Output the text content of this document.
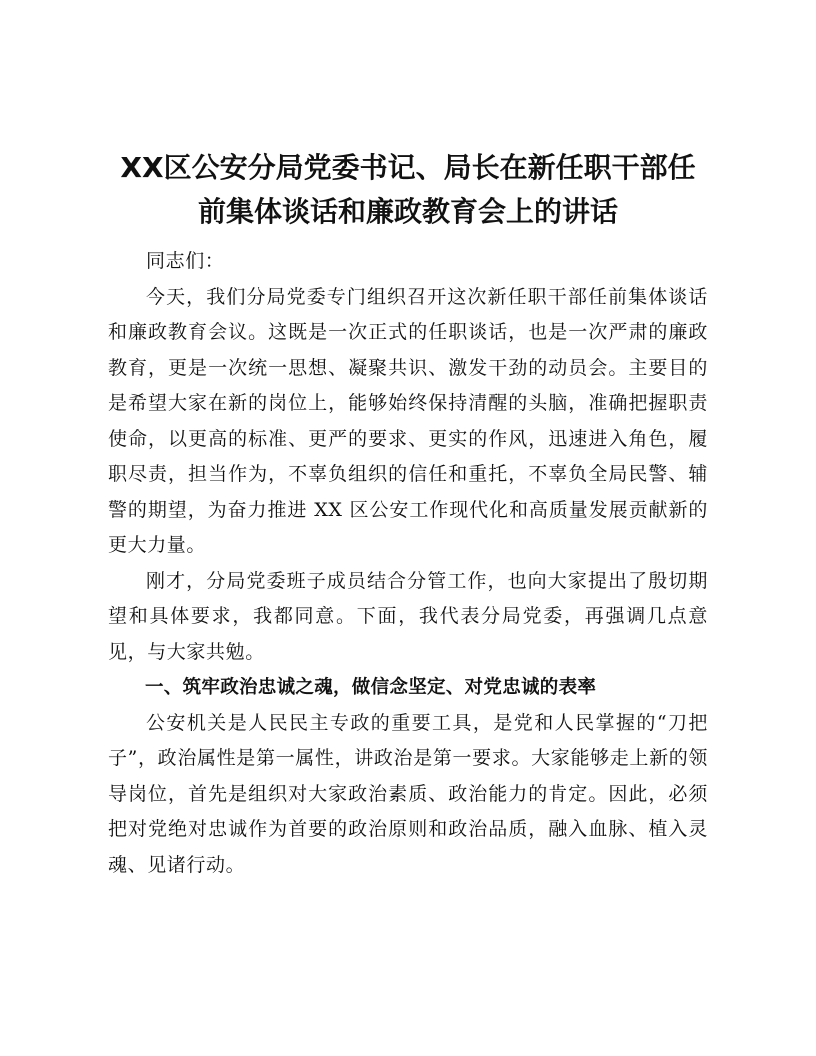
XX区公安分局党委书记、局长在新任职干部任
前集体谈话和廉政教育会上的讲话

同志们：

今天，我们分局党委专门组织召开这次新任职干部任前集体谈话和廉政教育会议。这既是一次正式的任职谈话，也是一次严肃的廉政教育，更是一次统一思想、凝聚共识、激发干劲的动员会。主要目的是希望大家在新的岗位上，能够始终保持清醒的头脑，准确把握职责使命，以更高的标准、更严的要求、更实的作风，迅速进入角色，履职尽责，担当作为，不辜负组织的信任和重托，不辜负全局民警、辅警的期望，为奋力推进 XX 区公安工作现代化和高质量发展贡献新的更大力量。

刚才，分局党委班子成员结合分管工作，也向大家提出了殷切期望和具体要求，我都同意。下面，我代表分局党委，再强调几点意见，与大家共勉。

一、筑牢政治忠诚之魂，做信念坚定、对党忠诚的表率

公安机关是人民民主专政的重要工具，是党和人民掌握的“刀把子”，政治属性是第一属性，讲政治是第一要求。大家能够走上新的领导岗位，首先是组织对大家政治素质、政治能力的肯定。因此，必须把对党绝对忠诚作为首要的政治原则和政治品质，融入血脉、植入灵魂、见诸行动。
